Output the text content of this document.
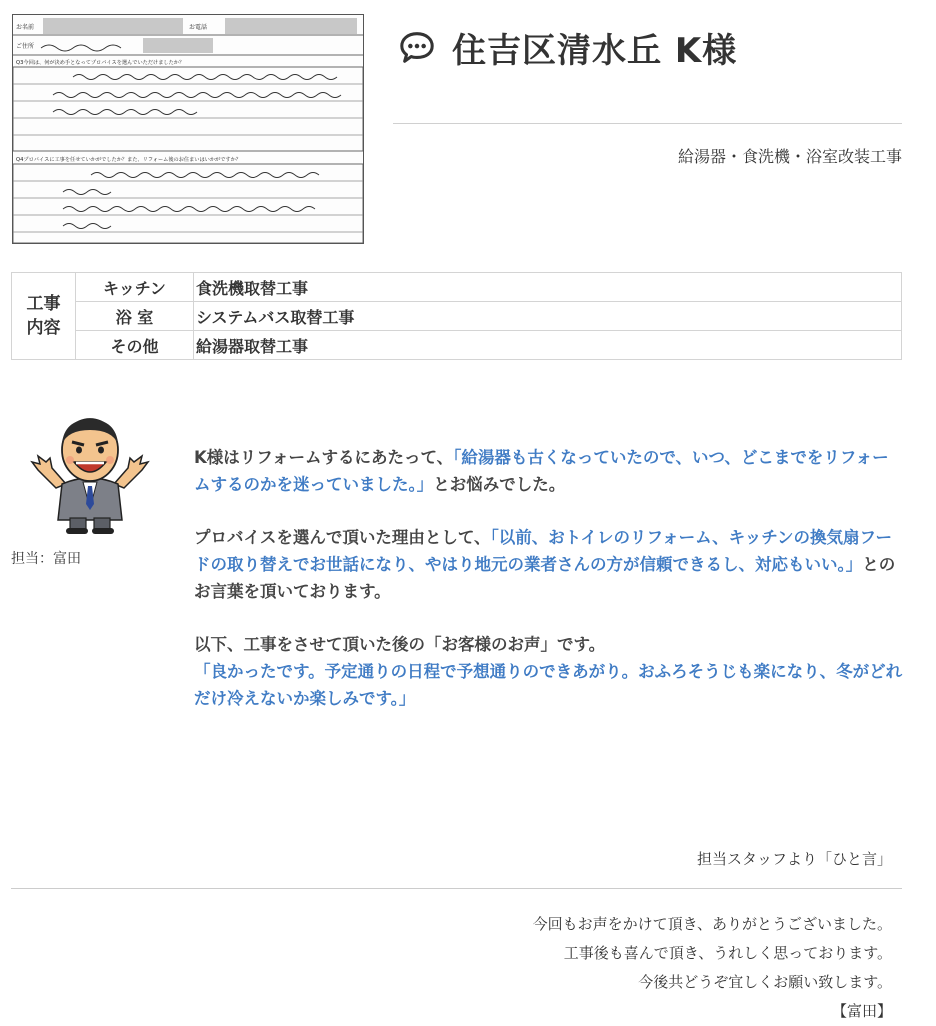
お名前	お電話
ご住所
Q3今回は、何が決め手となってプロバイスを選んでいただけましたか？
Q4プロバイスに工事を任せていかがでしたか？また、リフォーム後のお住まいはいかがですか？
住吉区清水丘 K様
給湯器・食洗機・浴室改装工事
工事
内容	キッチン	食洗機取替工事
	浴 室	システムバス取替工事
	その他	給湯器取替工事
担当：富田

K様はリフォームするにあたって、「給湯器も古くなっていたので、いつ、どこまでをリフォームするのかを迷っていました。」とお悩みでした。

プロバイスを選んで頂いた理由として、「以前、おトイレのリフォーム、キッチンの換気扇フードの取り替えでお世話になり、やはり地元の業者さんの方が信頼できるし、対応もいい。」とのお言葉を頂いております。

以下、工事をさせて頂いた後の「お客様のお声」です。
「良かったです。予定通りの日程で予想通りのできあがり。おふろそうじも楽になり、冬がどれだけ冷えないか楽しみです。」

担当スタッフより「ひと言」
今回もお声をかけて頂き、ありがとうございました。
工事後も喜んで頂き、うれしく思っております。
今後共どうぞ宜しくお願い致します。
【富田】
